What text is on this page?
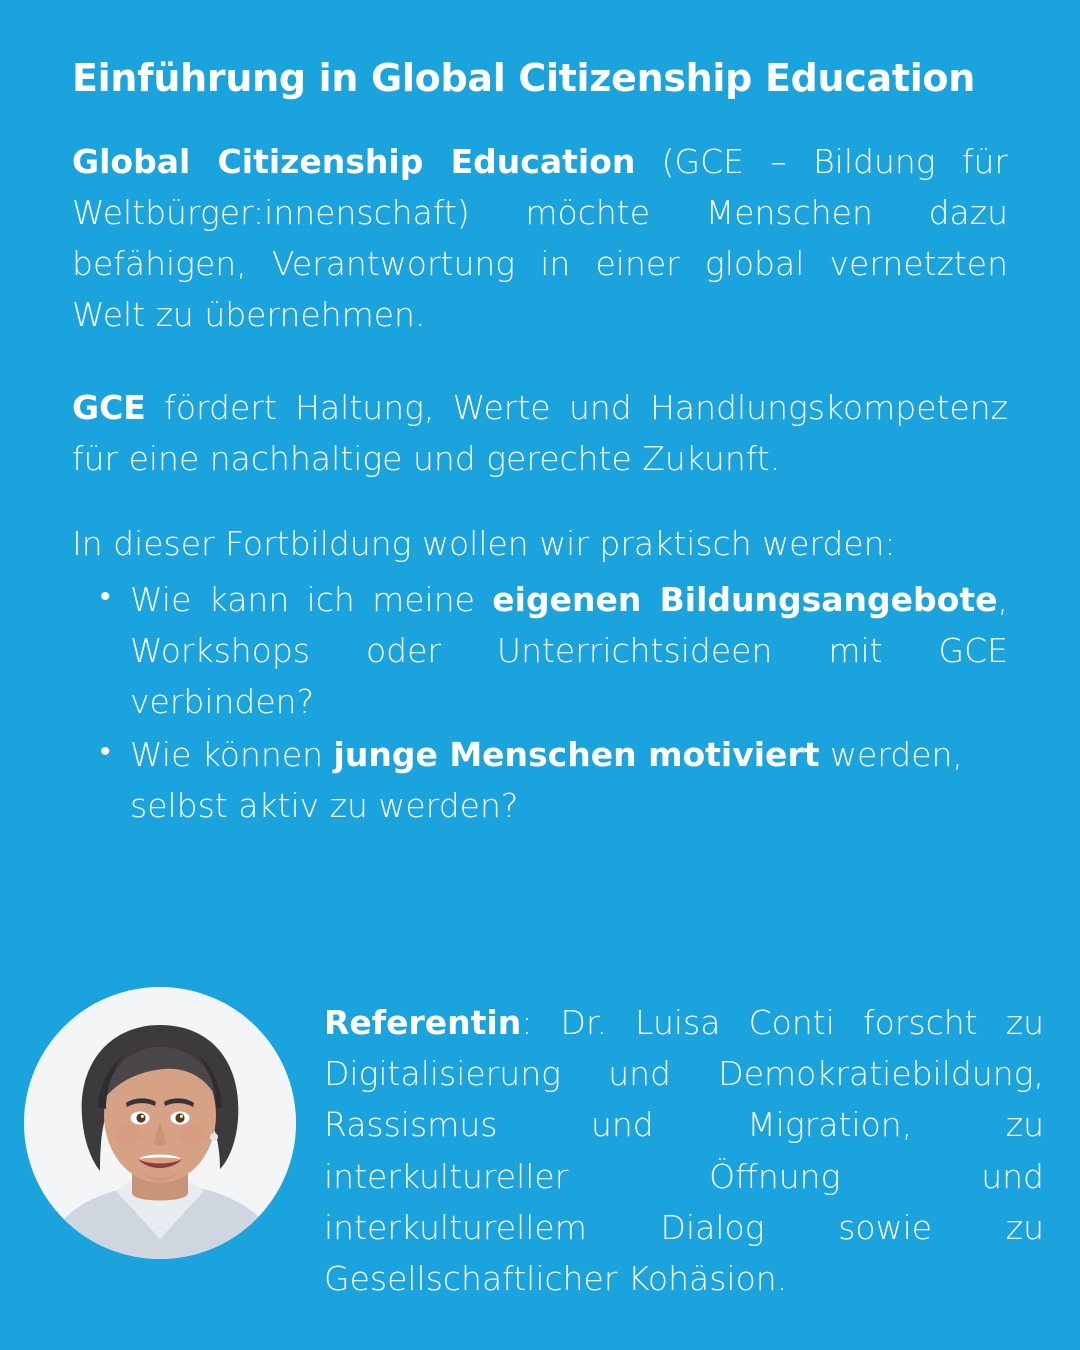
Einführung in Global Citizenship Education

Global Citizenship Education (GCE – Bildung für Weltbürger:innenschaft) möchte Menschen dazu befähigen, Verantwortung in einer global vernetzten Welt zu übernehmen.

GCE fördert Haltung, Werte und Handlungskompetenz für eine nachhaltige und gerechte Zukunft.

In dieser Fortbildung wollen wir praktisch werden:

• Wie kann ich meine eigenen Bildungsangebote, Workshops oder Unterrichtsideen mit GCE verbinden?
• Wie können junge Menschen motiviert werden, selbst aktiv zu werden?
Referentin: Dr. Luisa Conti forscht zu Digitalisierung und Demokratiebildung, Rassismus und Migration, zu interkultureller Öffnung und interkulturellem Dialog sowie zu Gesellschaftlicher Kohäsion.
